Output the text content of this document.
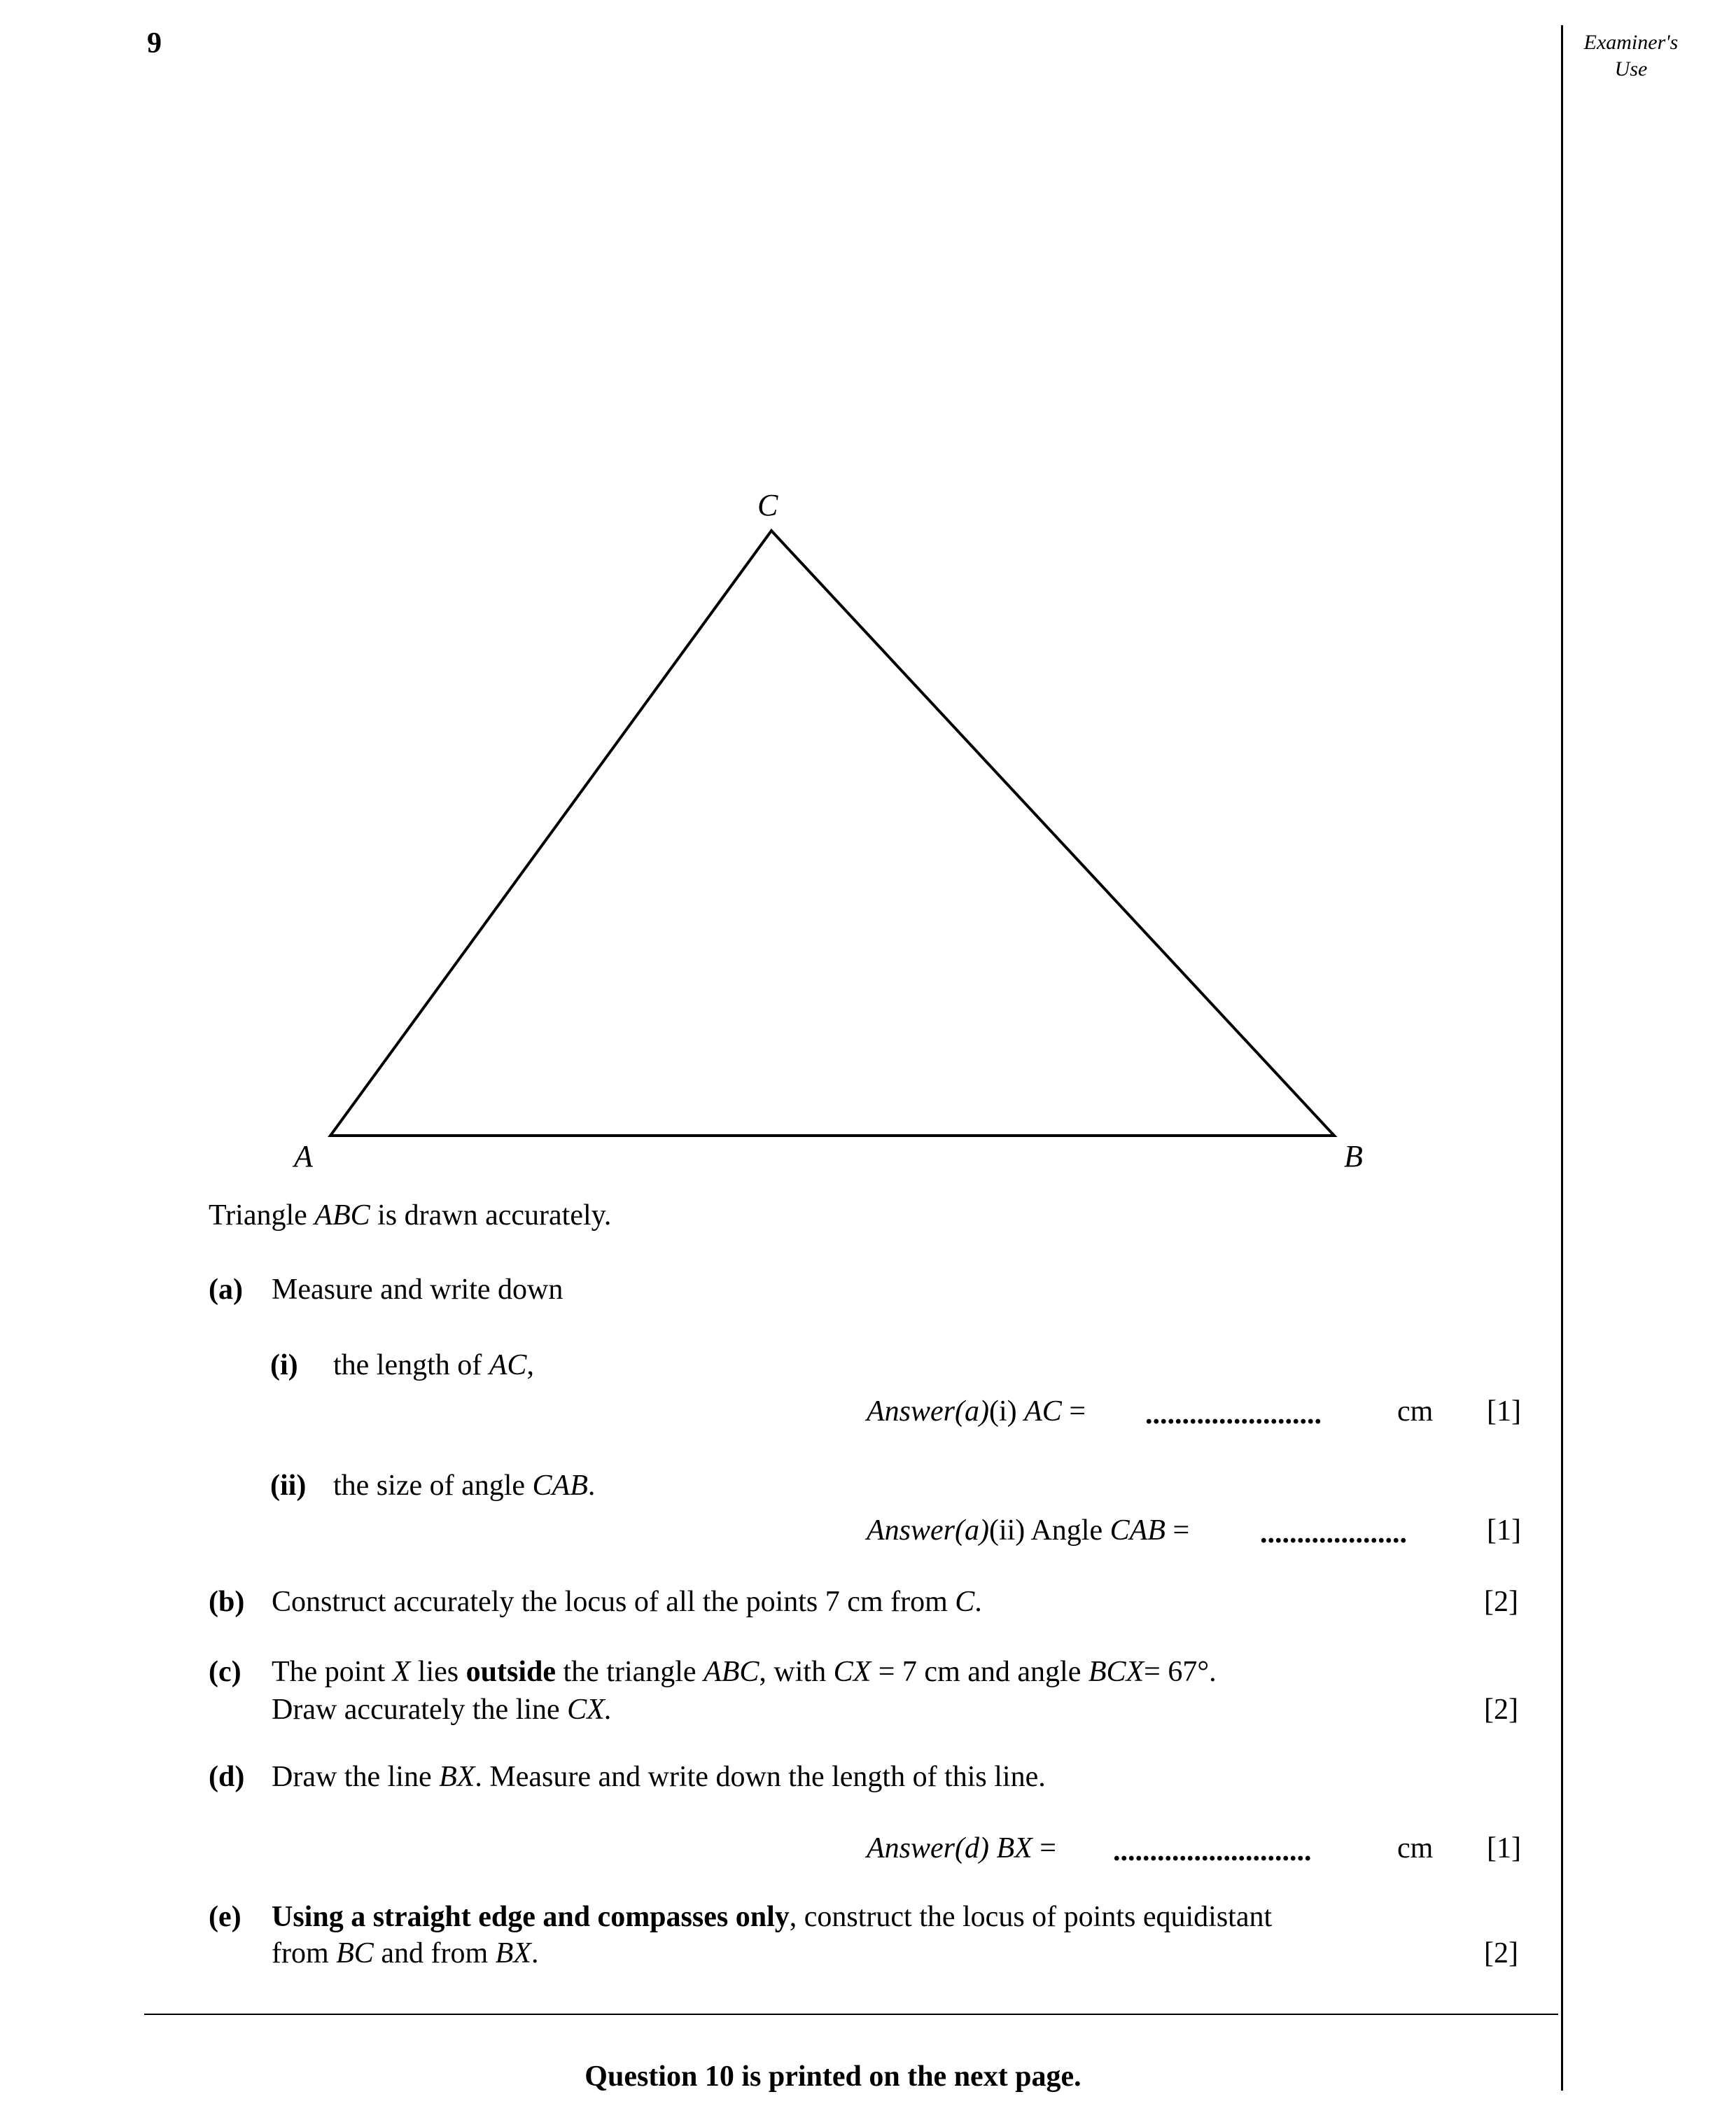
9	Examiner's
Use
C
A	B
Triangle ABC is drawn accurately.
(a) Measure and write down
(i) the length of AC,
Answer(a)(i) AC = ........................	cm [1]
(ii) the size of angle CAB.
Answer(a)(ii) Angle CAB = ....................	[1]
(b) Construct accurately the locus of all the points 7 cm from C.	[2]
(c) The point X lies outside the triangle ABC, with CX = 7 cm and angle BCX= 67°.
Draw accurately the line CX.	[2]
(d) Draw the line BX. Measure and write down the length of this line.
Answer(d) BX = ...........................	cm [1]
(e) Using a straight edge and compasses only, construct the locus of points equidistant
from BC and from BX.	[2]
Question 10 is printed on the next page.
